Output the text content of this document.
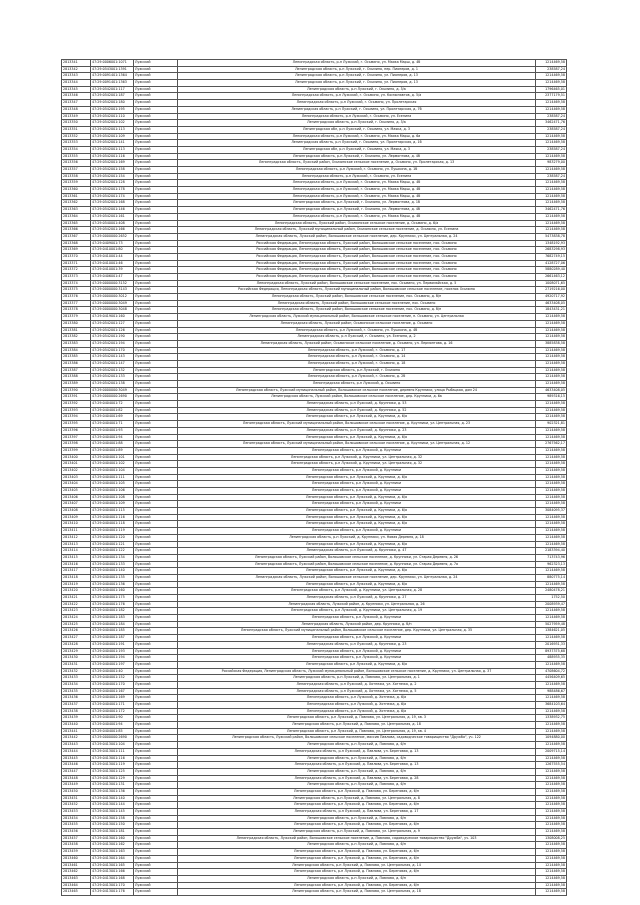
2813341	47:29:0006001:1071	Лужский	Ленинградская область, р-н Лужский, г. Осьмино, ул. Маяка Марш, д. 4б	1214469,58
2813342	47:29:0543001:1391	Лужский	Ленинградская область, р-н Лужский, г. Осьмино, пер. Пионеров, д. 1	238587,24
2813343	47:29:0091401:1364	Лужский	Ленинградская область, р-н Лужский, г. Осьмино, ул. Пионеров, д. 13	1214469,58
2813344	47:29:0091401:1363	Лужский	Ленинградская область, р-н Лужский, г. Осьмино, ул. Пионеров, д. 13	1214469,58
2813345	47:29:0542001:117	Лужский	Ленинградская область, р-н Лужский, г. Осьмино, д. 5/а	1796465,01
2813346	47:29:0542001:187	Лужский	Ленинградская область, р-н Лужский, г. Осьмино, ул. Космонавтов, д. 5/а	2377179,51
2813347	47:29:0542001:180	Лужский	Ленинградская область, р-н Лужский, г. Осьмино, ул. Пролетарская	1214469,58
2813348	47:29:0542001:195	Лужский	Ленинградская область, р-н Лужский, г. Осьмино, ул. Пролетарская, д. 7б	1214469,58
2813349	47:29:0542001:110	Лужский	Ленинградская область, р-н Лужский, г. Осьмино, ул. Есенина	238587,24
2813350	47:29:0542001:102	Лужский	Ленинградская область, р-н Лужский, г. Осьмино, д. 5/а	3462471,76
2813351	47:29:0542001:113	Лужский	Ленинградская обл, р-н Лужский, г. Осьмино, ул. Маяка, д. 3	238587,24
2813352	47:29:0542001:109	Лужский	Ленинградская область, р-н Лужский, г. Осьмино, ул. Маяка Марш, д. 6а	1214469,58
2813353	47:29:0542001:141	Лужский	Ленинградская область, р-н Лужский, г. Осьмино, ул. Пролетарская, д. 1б	1214469,58
2813354	47:29:0542001:113	Лужский	Ленинградская обл, р-н Лужский, г. Осьмино, ул. Маяка, д. 3	238587,24
2813355	47:29:0542001:116	Лужский	Ленинградская область, р-н Лужский, г. Осьмино, ул. Лермонтова, д. 4б	1214469,58
2813356	47:29:0542001:169	Лужский	Ленинградская область, Лужский район, Осьминское сельское поселение, д. Осьмино, ул. Пролетарская, д. 13	983279,00
2813357	47:29:0542001:158	Лужский	Ленинградская область, р-н Лужский, г. Осьмино, ул. Пушкина, д. 1б	1214469,58
2813358	47:29:0542001:154	Лужский	Ленинградская область, р-н Лужский, г. Осьмино, ул. Есенина	238587,24
2813359	47:29:0542001:128	Лужский	Ленинградская область, р-н Лужский, г. Осьмино, ул. Маяка Марш, д. 4б	1214469,58
2813360	47:29:0542001:178	Лужский	Ленинградская область, р-н Лужский, г. Осьмино, ул. Маяка Марш, д. 4б	1214469,58
2813361	47:29:0542001:174	Лужский	Ленинградская область, р-н Лужский, г. Осьмино, ул. Маяка Марш, д. 4б	1214469,58
2813362	47:29:0542001:168	Лужский	Ленинградская область, р-н Лужский, г. Осьмино, ул. Лермонтова, д. 1б	1214469,58
2813363	47:29:0542001:146	Лужский	Ленинградская область, р-н Лужский, г. Осьмино, ул. Лермонтова, д. 4б	3462471,76
2813364	47:29:0542001:161	Лужский	Ленинградская область, р-н Лужский, г. Осьмино, ул. Маяка Марш, д. 4б	1214469,58
2813365	47:29:0540001:408	Лужский	Ленинградская область, Лужский район, Осьминское сельское поселение, д. Осьмино, д. 6/а	1214469,58
2813366	47:29:0542001:166	Лужский	Ленинградская область, Лужский муниципальный район, Осьминское сельское поселение, д. Осьмино, ул. Есенина	1214469,58
2813367	47:29:0000000:2652	Лужский	Ленинградская область, Лужский район, Волошовское сельское поселение, дер. Крупники, ул. Центральная, д. 24	5473838,78
2813368	47:29:0409001:73	Лужский	Российская Федерация, Ленинградская область, Лужский район, Волошовское сельское поселение, пос. Осьмино	1348192,93
2813369	47:29:0410001:80	Лужский	Российская Федерация, Ленинградская область, Лужский район, Волошовское сельское поселение, пос. Осьмино	2683298,93
2813370	47:29:0410001:44	Лужский	Российская Федерация, Ленинградская область, Лужский район, Волошовское сельское поселение, пос. Осьмино	7682749,15
2813371	47:29:0410001:46	Лужский	Российская Федерация, Ленинградская область, Лужский район, Волошовское сельское поселение, пос. Осьмино	4128727,06
2813372	47:29:0410001:39	Лужский	Российская Федерация, Ленинградская область, Лужский район, Волошовское сельское поселение, пос. Осьмино	5880289,40
2813373	47:29:0406001:47	Лужский	Российская Федерация, Ленинградская область, Лужский район, Волошовское сельское поселение, пос. Осьмино	2661463,12
2813374	47:29:0000000:3152	Лужский	Ленинградская область, Лужский район, Волошовское сельское поселение, пос. Осьмино, ул. Первомайская, д. 5	1008071,65
2813375	47:29:0000000:3143	Лужский	Российская Федерация, Ленинградская область, Лужский муниципальный район, Волошовское сельское поселение, поселок Осьмино	2719216,00
2813376	47:29:0000000:3012	Лужский	Ленинградская область, Лужский район, Волошовское сельское поселение, пос. Осьмино, д. б/н	4920717,92
2813377	47:29:0000000:3049	Лужский	Ленинградская область, Лужский район, Волошовское сельское поселение, пос. Осьмино	4633408,05
2813378	47:29:0000000:3048	Лужский	Ленинградская область, Лужский район, Волошовское сельское поселение, пос. Осьмино, д. б/н	1843431,21
2813379	47:29:0419001:160	Лужский	Ленинградская область, Лужский муниципальный район, Волошовское сельское поселение, п. Осьмино, ул. Центральная	1214469,58
2813380	47:29:0542001:127	Лужский	Ленинградская область, Лужский район, Осьминское сельское поселение, д. Осьмино	1214469,58
2813381	47:29:0542001:126	Лужский	Ленинградская область, р-н Лужский, г. Осьмино, ул. Пушкина, д. 4б	1214469,58
2813382	47:29:0542001:190	Лужский	Ленинградская область, р-н Лужский, г. Осьмино, ул. Есенина, д. 2	1214469,58
2813383	47:29:0542001:194	Лужский	Ленинградская область, Лужский район, Осьминское сельское поселение, д. Осьмино, ул. Лермонтова, д. 16	3885838,58
2813384	47:29:0542001:170	Лужский	Ленинградская область, р-н Лужский, г. Осьмино, д. 17	1214469,58
2813385	47:29:0542001:143	Лужский	Ленинградская область, р-н Лужский, г. Осьмино, д. 14	1214469,58
2813386	47:29:0542001:147	Лужский	Ленинградская область, р-н Лужский, г. Осьмино, д. 18	1214469,58
2813387	47:29:0542001:132	Лужский	Ленинградская область, р-н Лужский, г. Осьмино	1214469,58
2813388	47:29:0542001:133	Лужский	Ленинградская область, р-н Лужский, г. Осьмино, д. 2б	1214469,58
2813389	47:29:0542001:138	Лужский	Ленинградская область, р-н Лужский, д. Осьмино	1214469,58
2813390	47:29:0000000:3049	Лужский	Ленинградская область, Лужский муниципальный район, Волошовское сельское поселение, деревня Крупники, улица Рыбацкая, дом 24	4633408,05
2813391	47:29:0000000:2690	Лужский	Ленинградская область, Лужский район, Волошовское сельское поселение, дер. Крупники, д. 6а	989316,15
2813392	47:29:0404001:72	Лужский	Ленинградская область, р-н Лужский, д. Крупники, д. 53	1214469,58
2813393	47:29:0404001:82	Лужский	Ленинградская область, р-н Лужский, д. Крупники, д. 52	1214469,58
2813394	47:29:0404001:69	Лужский	Ленинградская область, р-н Лужский, д. Крупники, д. 6/а	1214469,58
2813395	47:29:0404001:71	Лужский	Ленинградская область, Лужский муниципальный район, Волошовское сельское поселение, д. Крупники, ул. Центральная, д. 23	902321,81
2813396	47:29:0404001:93	Лужский	Ленинградская область, р-н Лужский, д. Крупники, д. 23	1214469,58
2813397	47:29:0404001:94	Лужский	Ленинградская область, р-н Лужский, д. Крупники, д. 6/а	1214469,58
2813398	47:29:0404001:88	Лужский	Ленинградская область, Лужский муниципальный район, Волошовское сельское поселение, д. Крупники, ул. Центральная, д. 12	2767562,17
2813399	47:29:0404001:89	Лужский	Ленинградская область, р-н Лужский, д. Крупники	1214469,58
2813400	47:29:0404001:101	Лужский	Ленинградская область, р-н Лужский, д. Крупники, ул. Центральная, д. 32	1214469,58
2813401	47:29:0404001:102	Лужский	Ленинградская область, р-н Лужский, д. Крупники, ул. Центральная, д. 32	1214469,58
2813402	47:29:0404001:104	Лужский	Ленинградская область, р-н Лужский, д. Крупники	1214469,58
2813403	47:29:0404001:111	Лужский	Ленинградская область, р-н Лужский, д. Крупники, д. 6/а	1214469,58
2813404	47:29:0404001:105	Лужский	Ленинградская область, р-н Лужский, д. Крупники	1214469,58
2813405	47:29:0404001:106	Лужский	Ленинградская область, р-н Лужский, д. Крупники	1214469,58
2813406	47:29:0404001:108	Лужский	Ленинградская область, р-н Лужский, д. Крупники, д. 6/а	1214469,58
2813407	47:29:0404001:109	Лужский	Ленинградская область, р-н Лужский, д. Крупники	1214469,58
2813408	47:29:0404001:115	Лужский	Ленинградская область, р-н Лужский, д. Крупники, д. 6/а	3084095,37
2813409	47:29:0404001:116	Лужский	Ленинградская область, р-н Лужский, д. Крупники, д. 6/а	1214469,58
2813410	47:29:0404001:118	Лужский	Ленинградская область, р-н Лужский, д. Крупники, д. 6/а	1214469,58
2813411	47:29:0404001:119	Лужский	Ленинградская область, р-н Лужский, д. Крупники	1214469,58
2813412	47:29:0404001:120	Лужский	Ленинградская область, р-н Лужский, д. Крупники, ул. Новая Деревня, д. 18	1214469,58
2813413	47:29:0404001:121	Лужский	Ленинградская область, р-н Лужский, д. Крупники, д. 6/а	1214469,58
2813414	47:29:0404001:122	Лужский	Ленинградская область, р-н Лужский, д. Крупники, д. 47	2183394,40
2813415	47:29:0404001:134	Лужский	Ленинградская область, Лужский район, Волошовское сельское поселение, д. Крупники, ул. Старая Деревня, д. 26	713743,96
2813416	47:29:0404001:133	Лужский	Ленинградская область, Лужский район, Волошовское сельское поселение, д. Крупники, ул. Старая Деревня, д. 7а	962323,13
2813417	47:29:0404001:140	Лужский	Ленинградская область, р-н Лужский, д. Крупники, д. 6/а	1214469,58
2813418	47:29:0404001:135	Лужский	Ленинградская область, Лужский район, Волошовское сельское поселение, дер. Крупники, ул. Центральная, д. 24	880775,14
2813419	47:29:0404001:136	Лужский	Ленинградская область, р-н Лужский, д. Крупники, д. 6/а	1214469,58
2813420	47:29:0404001:160	Лужский	Ленинградская область, р-н Лужский, д. Крупники, ул. Центральная, д. 28	2480478,21
2813421	47:29:0404001:175	Лужский	Ленинградская область, р-н Лужский, д. Крупники, д. 27	1752,50
2813422	47:29:0404001:176	Лужский	Ленинградская область, Лужский район, д. Крупники, ул. Центральная, д. 26	2008939,47
2813423	47:29:0404001:182	Лужский	Ленинградская область, р-н Лужский, д. Крупники, ул. Центральная, д. 19	1214469,58
2813424	47:29:0404001:183	Лужский	Ленинградская область, р-н Лужский, д. Крупники	1214469,58
2813425	47:29:0404001:184	Лужский	Ленинградская область, Лужский район, дер. Крупники, д. б/н	5027959,48
2813426	47:29:0404001:185	Лужский	Ленинградская область, Лужский муниципальный район, Волошовское сельское поселение, дер. Крупники, ул. Центральная, д. 35	1384621,05
2813427	47:29:0404001:187	Лужский	Ленинградская область, р-н Лужский, д. Крупники	1214469,58
2813428	47:29:0404001:191	Лужский	Ленинградская область, р-н Лужский, д. Крупники, д. 23	2016931,33
2813429	47:29:0404001:193	Лужский	Ленинградская область, р-н Лужский, д. Крупники	8937375,68
2813430	47:29:0404001:194	Лужский	Ленинградская область, р-н Лужский, д. Крупники	488935,35
2813431	47:29:0404001:197	Лужский	Ленинградская область, р-н Лужский, д. Крупники, д. 6/а	1214469,58
2813432	47:29:0404001:40	Лужский	Российская Федерация, Ленинградская область, Лужский муниципальный район, Волошовское сельское поселение, д. Крупники, ул. Центральная, д. 37	4708604,72
2813433	47:29:0404001:152	Лужский	Ленинградская область, р-н Лужский, д. Павлова, ул. Центральная, д. 1	4456409,65
2813434	47:29:0404001:170	Лужский	Ленинградская область, р-н Лужский, д. Хотнежа, ул. Хотнежа, д. 2	1214469,58
2813435	47:29:0404001:167	Лужский	Ленинградская область, р-н Лужский, д. Хотнежа, ул. Хотнежа, д. 5	988486,67
2813436	47:29:0404001:169	Лужский	Ленинградская область, р-н Лужский, д. Хотнежа, д. 6/а	1214469,58
2813437	47:29:0404001:171	Лужский	Ленинградская область, р-н Лужский, д. Хотнежа, д. 6/а	3684103,64
2813438	47:29:0404001:172	Лужский	Ленинградская область, р-н Лужский, д. Хотнежа, д. 6/а	1214469,58
2813439	47:29:0404001:90	Лужский	Ленинградская область, р-н Лужский, д. Павлова, ул. Центральная, д. 19, кв. 3	1338932,75
2813440	47:29:0404001:94	Лужский	Ленинградская область, р-н Лужский, д. Павлова, ул. Центральная, д. 18	1214469,58
2813441	47:29:0404001:85	Лужский	Ленинградская область, р-н Лужский, д. Павлова, ул. Центральная, д. 19, кв. 4	1214469,58
2813442	47:29:0000000:2690	Лужский	Ленинградская область, Лужский район, Волошовское сельское поселение, массив Павлова, садоводческое товарищество "Дружба", уч. 122	1094880,00
2813443	47:29:0413001:104	Лужский	Ленинградская область, р-н Лужский, д. Павлова, д. 6/н	1214469,58
2813444	47:29:0413001:111	Лужский	Ленинградская область, р-н Лужский, д. Павлова, ул. Береговая, д. 13	2009715,14
2813445	47:29:0413001:116	Лужский	Ленинградская область, р-н Лужский, д. Павлова, д. 6/н	1214469,58
2813446	47:29:0413001:119	Лужский	Ленинградская область, р-н Лужский, д. Павлова, ул. Береговая, д. 13	1267555,54
2813447	47:29:0413001:125	Лужский	Ленинградская область, р-н Лужский, д. Павлова, д. 6/н	1214469,58
2813448	47:29:0413001:129	Лужский	Ленинградская область, р-н Лужский, д. Павлова, ул. Береговая, д. 28	1214469,58
2813449	47:29:0413001:131	Лужский	Ленинградская область, р-н Лужский, д. Павлова, д. 6/н	1214469,58
2813450	47:29:0413001:136	Лужский	Ленинградская область, р-н Лужский, д. Павлова, ул. Береговая, д. 6/н	1214469,58
2813451	47:29:0413001:140	Лужский	Ленинградская область, р-н Лужский, д. Павлова, ул. Центральная, д. 8	1214469,58
2813452	47:29:0413001:144	Лужский	Ленинградская область, р-н Лужский, д. Павлова, ул. Береговая, д. 6/н	1214469,58
2813453	47:29:0413001:145	Лужский	Ленинградская область, р-н Лужский, д. Павлова, ул. Береговая, д. 17	1214469,58
2813454	47:29:0413001:158	Лужский	Ленинградская область, р-н Лужский, д. Павлова, д. 6/н	1214469,58
2813455	47:29:0413001:150	Лужский	Ленинградская область, р-н Лужский, д. Павлова, ул. Береговая, д. 6/н	1214469,58
2813456	47:29:0413001:181	Лужский	Ленинградская область, р-н Лужский, д. Павлова, ул. Центральная, д. 9	1214469,58
2813457	47:29:0413001:160	Лужский	Ленинградская область, Лужский район, Волошовское сельское поселение, д. Павлова, садоводческое товарищество "Дружба", уч. 103	1308008,25
2813458	47:29:0413001:162	Лужский	Ленинградская область, р-н Лужский, д. Павлова, д. 6/н	1214469,58
2813459	47:29:0413001:163	Лужский	Ленинградская область, р-н Лужский, д. Павлова, ул. Береговая, д. 6/н	1214469,58
2813460	47:29:0413001:164	Лужский	Ленинградская область, р-н Лужский, д. Павлова, ул. Береговая, д. 6/н	1214469,58
2813461	47:29:0413001:165	Лужский	Ленинградская область, р-н Лужский, д. Павлова, ул. Центральная, д. 14	1214469,58
2813462	47:29:0413001:166	Лужский	Ленинградская область, р-н Лужский, д. Павлова, ул. Береговая, д. 6/н	1214469,58
2813463	47:29:0413001:168	Лужский	Ленинградская область, р-н Лужский, д. Павлова, д. 6/н	1214469,58
2813464	47:29:0413001:170	Лужский	Ленинградская область, р-н Лужский, д. Павлова, ул. Береговая, д. 6/н	1214469,58
2813465	47:29:0413001:176	Лужский	Ленинградская область, р-н Лужский, д. Павлова, ул. Центральная, д. 18	1214469,58
